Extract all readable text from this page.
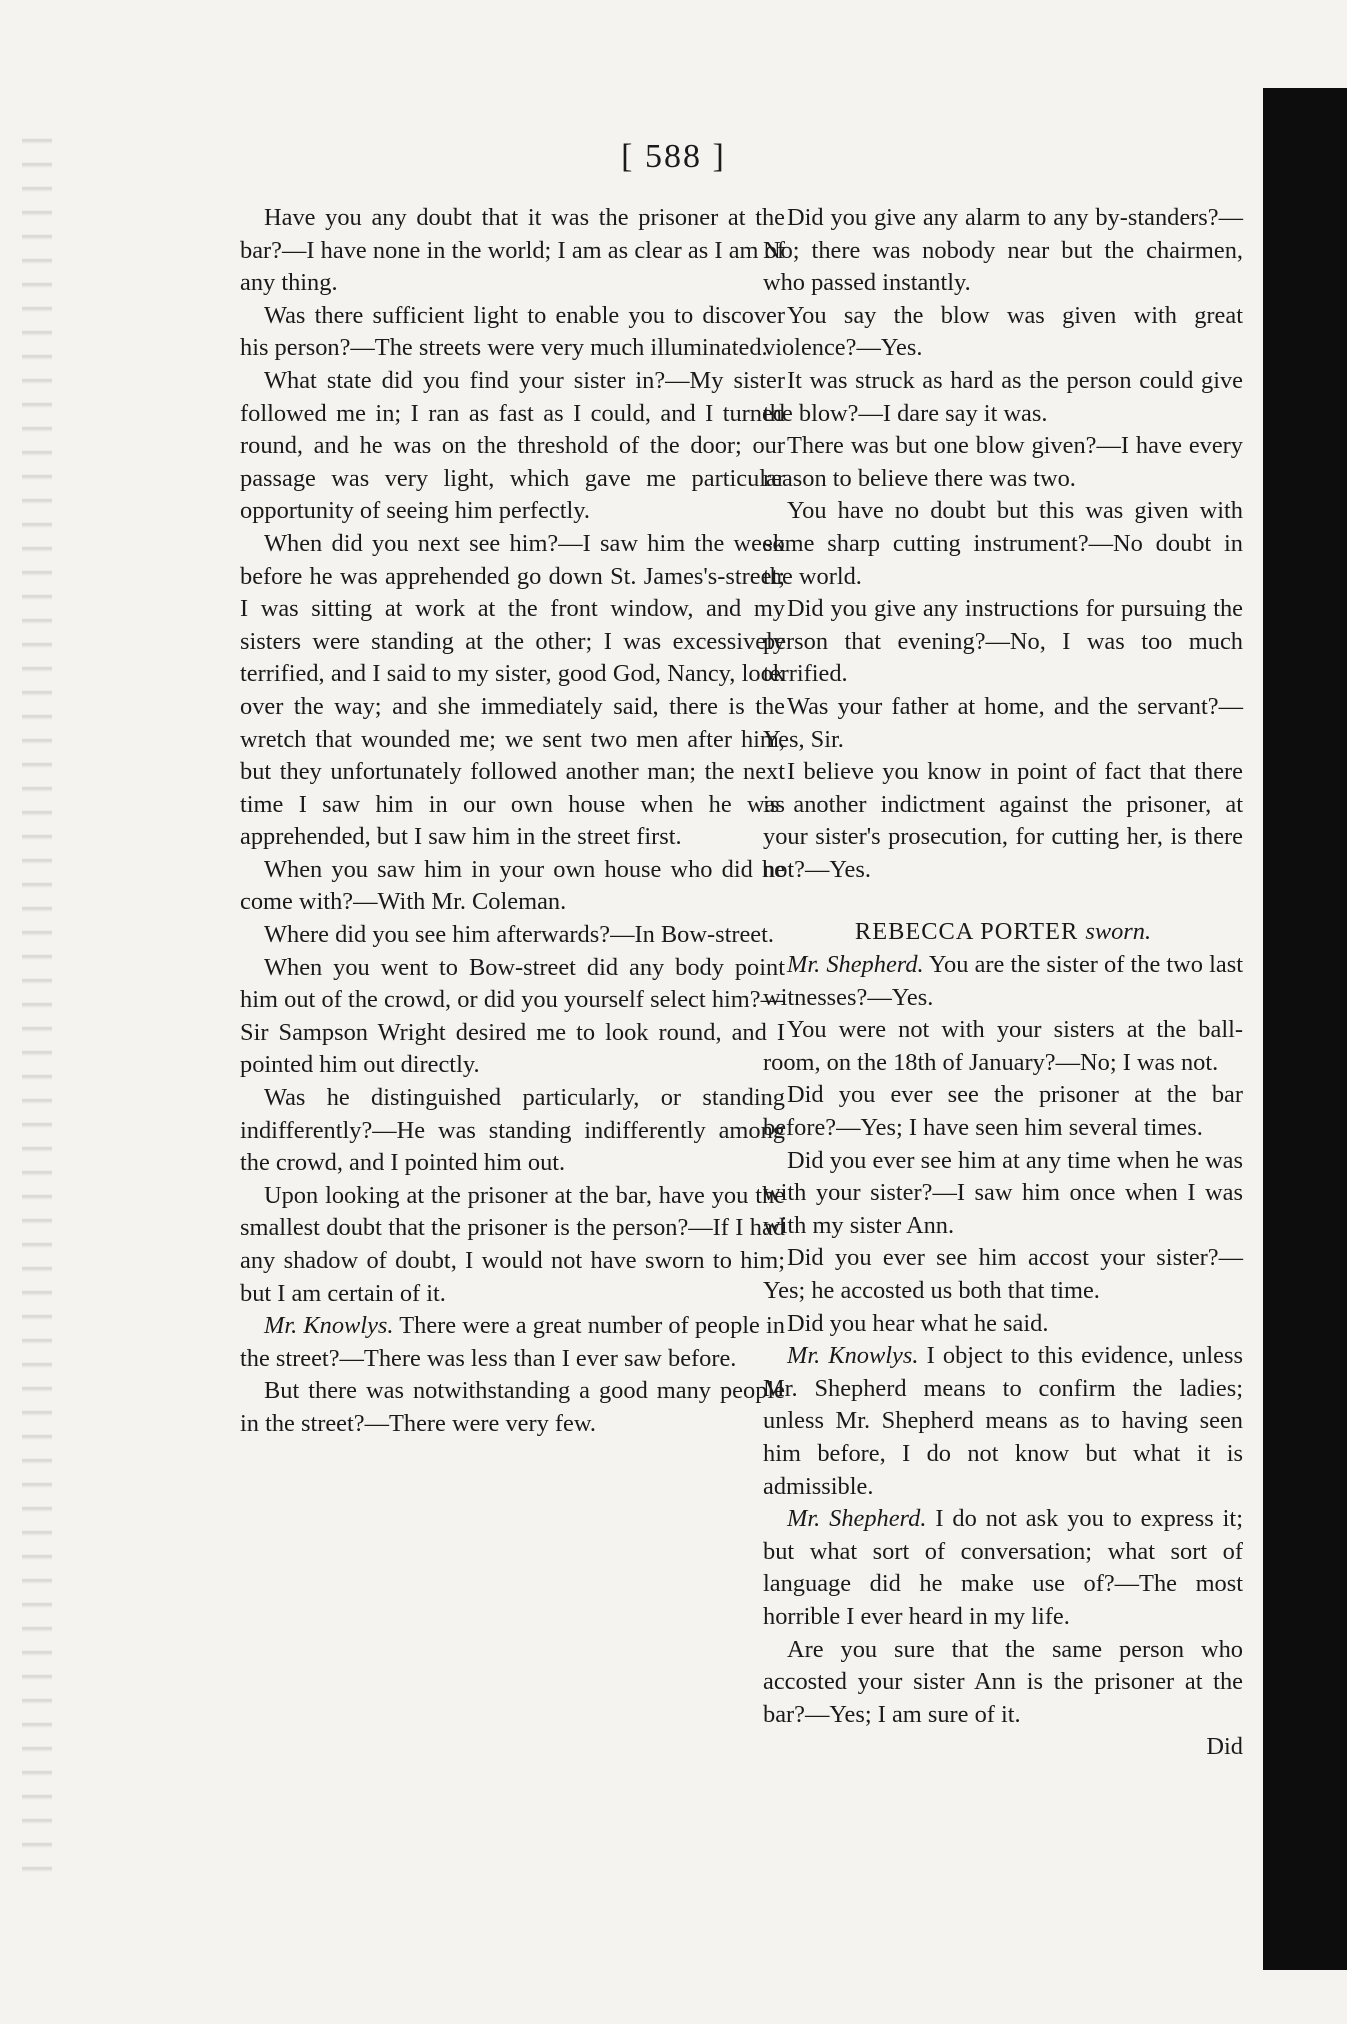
[ 588 ]

Have you any doubt that it was the prisoner at the bar?—I have none in the world; I am as clear as I am of any thing.

Was there sufficient light to enable you to discover his person?—The streets were very much illuminated.

What state did you find your sister in?—My sister followed me in; I ran as fast as I could, and I turned round, and he was on the threshold of the door; our passage was very light, which gave me particular opportunity of seeing him perfectly.

When did you next see him?—I saw him the week before he was apprehended go down St. James's-street; I was sitting at work at the front window, and my sisters were standing at the other; I was excessively terrified, and I said to my sister, good God, Nancy, look over the way; and she immediately said, there is the wretch that wounded me; we sent two men after him, but they unfortunately followed another man; the next time I saw him in our own house when he was apprehended, but I saw him in the street first.

When you saw him in your own house who did he come with?—With Mr. Coleman.

Where did you see him afterwards?—In Bow-street.

When you went to Bow-street did any body point him out of the crowd, or did you yourself select him?—Sir Sampson Wright desired me to look round, and I pointed him out directly.

Was he distinguished particularly, or standing indifferently?—He was standing indifferently among the crowd, and I pointed him out.

Upon looking at the prisoner at the bar, have you the smallest doubt that the prisoner is the person?—If I had any shadow of doubt, I would not have sworn to him; but I am certain of it.

Mr. Knowlys. There were a great number of people in the street?—There was less than I ever saw before.

But there was notwithstanding a good many people in the street?—There were very few.

Did you give any alarm to any by-standers?—No; there was nobody near but the chairmen, who passed instantly.

You say the blow was given with great violence?—Yes.

It was struck as hard as the person could give the blow?—I dare say it was.

There was but one blow given?—I have every reason to believe there was two.

You have no doubt but this was given with some sharp cutting instrument?—No doubt in the world.

Did you give any instructions for pursuing the person that evening?—No, I was too much terrified.

Was your father at home, and the servant?—Yes, Sir.

I believe you know in point of fact that there is another indictment against the prisoner, at your sister's prosecution, for cutting her, is there not?—Yes.

REBECCA PORTER sworn.

Mr. Shepherd. You are the sister of the two last witnesses?—Yes.

You were not with your sisters at the ball-room, on the 18th of January?—No; I was not.

Did you ever see the prisoner at the bar before?—Yes; I have seen him several times.

Did you ever see him at any time when he was with your sister?—I saw him once when I was with my sister Ann.

Did you ever see him accost your sister?—Yes; he accosted us both that time.

Did you hear what he said.

Mr. Knowlys. I object to this evidence, unless Mr. Shepherd means to confirm the ladies; unless Mr. Shepherd means as to having seen him before, I do not know but what it is admissible.

Mr. Shepherd. I do not ask you to express it; but what sort of conversation; what sort of language did he make use of?—The most horrible I ever heard in my life.

Are you sure that the same person who accosted your sister Ann is the prisoner at the bar?—Yes; I am sure of it.

Did
